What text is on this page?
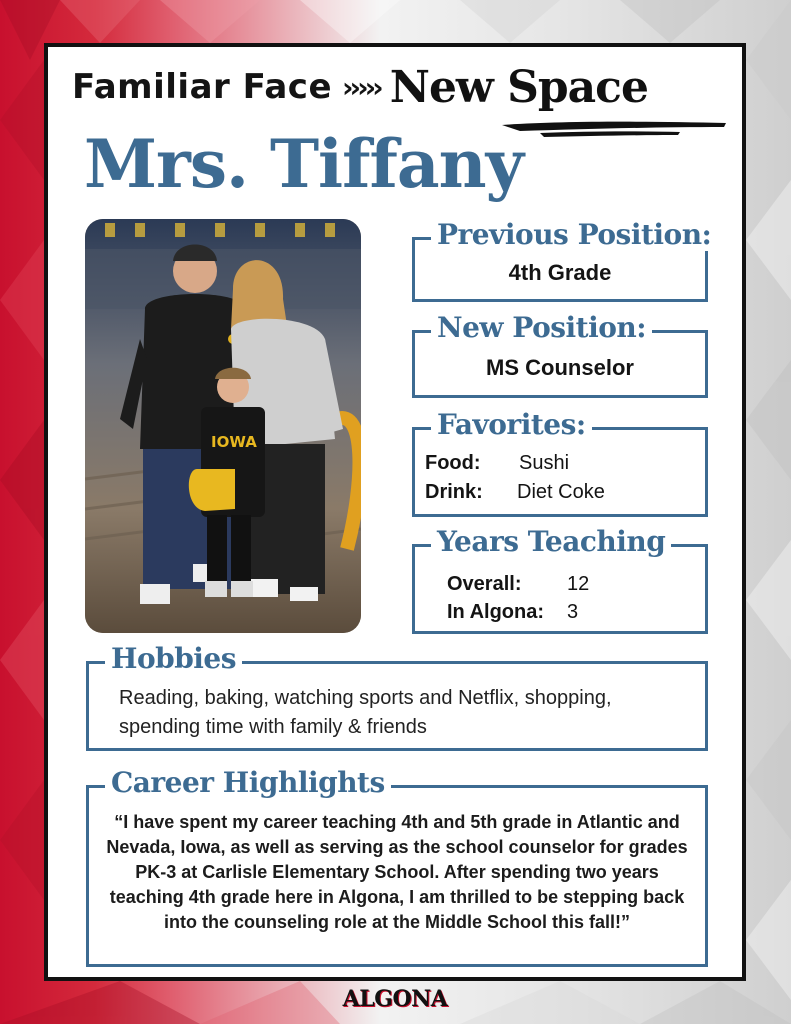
Familiar Face ››››› New Space
Mrs. Tiffany
IOWA
Previous Position:
4th Grade
New Position:
MS Counselor
Favorites:
Food: Sushi
Drink: Diet Coke
Years Teaching
Overall: 12
In Algona: 3
Hobbies
Reading, baking, watching sports and Netflix, shopping, spending time with family & friends
Career Highlights
“I have spent my career teaching 4th and 5th grade in Atlantic and Nevada, Iowa, as well as serving as the school counselor for grades PK-3 at Carlisle Elementary School. After spending two years teaching 4th grade here in Algona, I am thrilled to be stepping back into the counseling role at the Middle School this fall!”
ALGONA
